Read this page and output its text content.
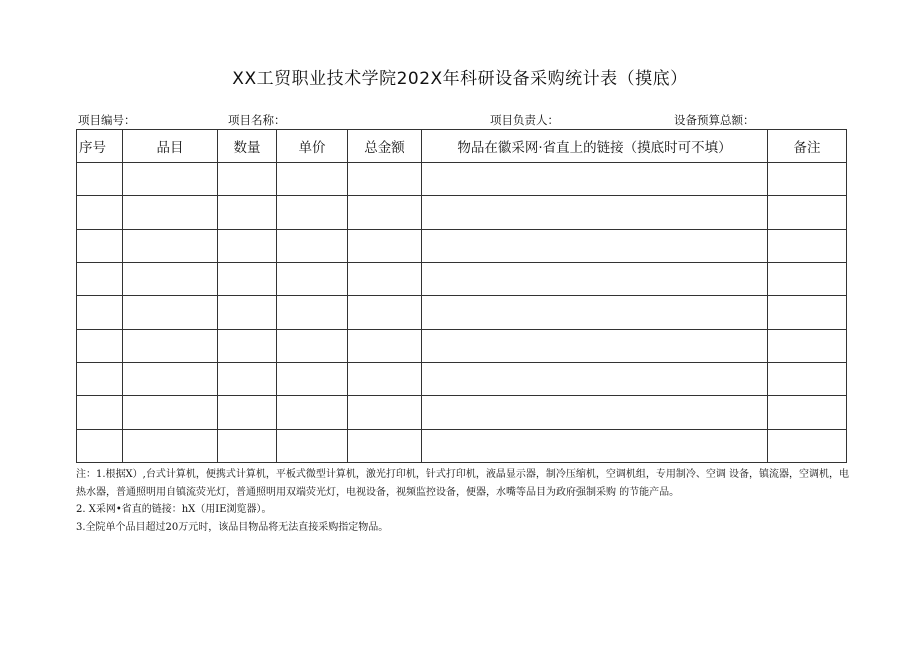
XX工贸职业技术学院202X年科研设备采购统计表（摸底）
项目编号：	项目名称：	项目负责人：	设备预算总额：
序号	品目	数量	单价	总金额	物品在徽采网·省直上的链接（摸底时可不填）	备注

注：1.根据X）,台式计算机，便携式计算机，平板式微型计算机，激光打印机，针式打印机，液晶显示器，制冷压缩机，空调机组，专用制冷、空调 设备，镇流器，空调机，电热水器，普通照明用自镇流荧光灯，普通照明用双端荧光灯，电视设备，视频监控设备，便器，水嘴等品目为政府强制采购 的节能产品。
2. X采网•省直的链接：hX（用IE浏览器）。
3.全院单个品目超过20万元时，该品目物品将无法直接采购指定物品。
